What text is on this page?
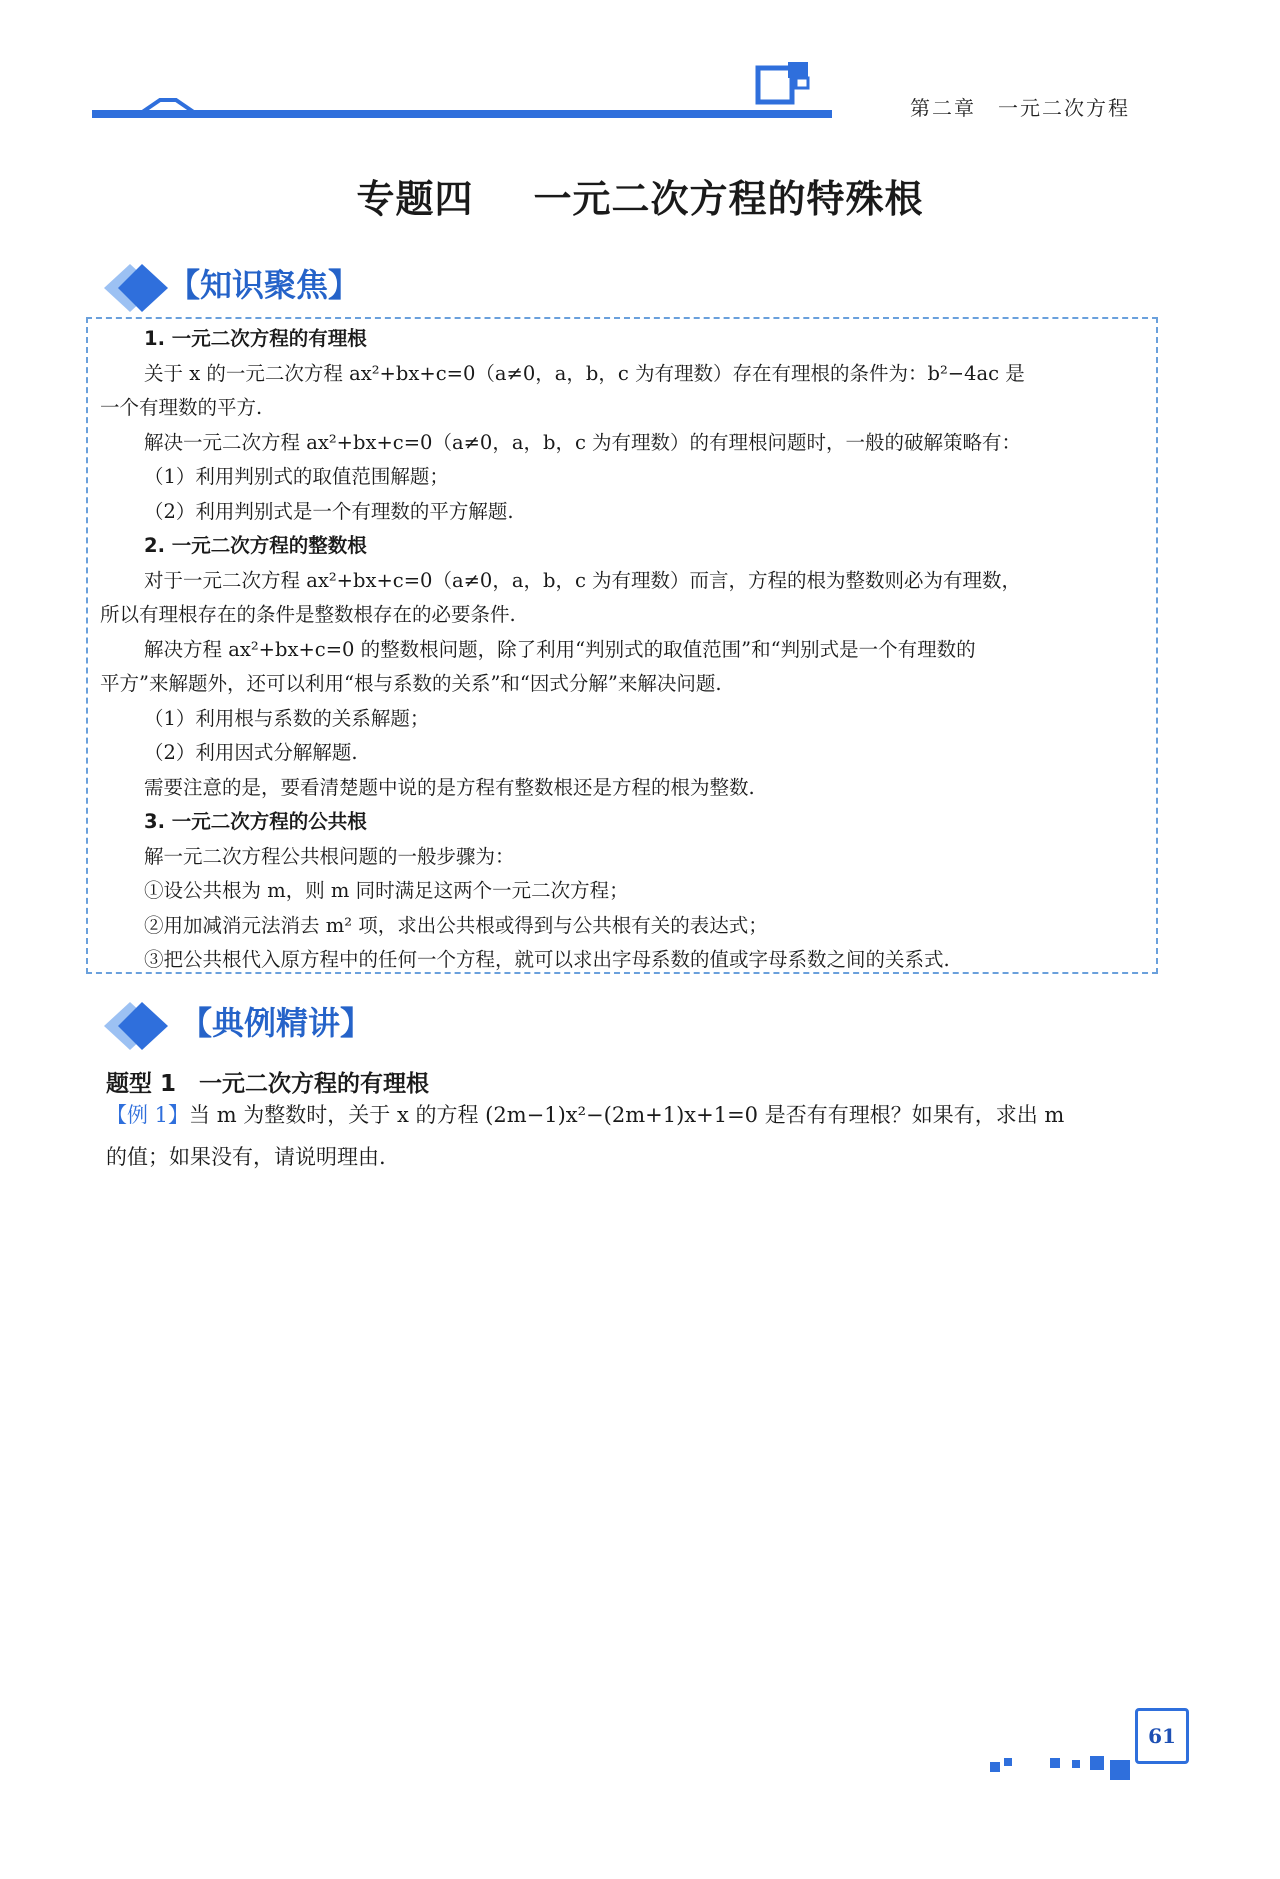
第二章　一元二次方程
专题四 一元二次方程的特殊根
【知识聚焦】

1. 一元二次方程的有理根

关于 x 的一元二次方程 ax²+bx+c=0（a≠0，a，b，c 为有理数）存在有理根的条件为：b²−4ac 是

一个有理数的平方.

解决一元二次方程 ax²+bx+c=0（a≠0，a，b，c 为有理数）的有理根问题时，一般的破解策略有：

（1）利用判别式的取值范围解题；

（2）利用判别式是一个有理数的平方解题.

2. 一元二次方程的整数根

对于一元二次方程 ax²+bx+c=0（a≠0，a，b，c 为有理数）而言，方程的根为整数则必为有理数，

所以有理根存在的条件是整数根存在的必要条件.

解决方程 ax²+bx+c=0 的整数根问题，除了利用“判别式的取值范围”和“判别式是一个有理数的

平方”来解题外，还可以利用“根与系数的关系”和“因式分解”来解决问题.

（1）利用根与系数的关系解题；

（2）利用因式分解解题.

需要注意的是，要看清楚题中说的是方程有整数根还是方程的根为整数.

3. 一元二次方程的公共根

解一元二次方程公共根问题的一般步骤为：

①设公共根为 m，则 m 同时满足这两个一元二次方程；

②用加减消元法消去 m² 项，求出公共根或得到与公共根有关的表达式；

③把公共根代入原方程中的任何一个方程，就可以求出字母系数的值或字母系数之间的关系式.

【典例精讲】
题型 1　一元二次方程的有理根
【例 1】当 m 为整数时，关于 x 的方程 (2m−1)x²−(2m+1)x+1=0 是否有有理根？如果有，求出 m
的值；如果没有，请说明理由.
61
